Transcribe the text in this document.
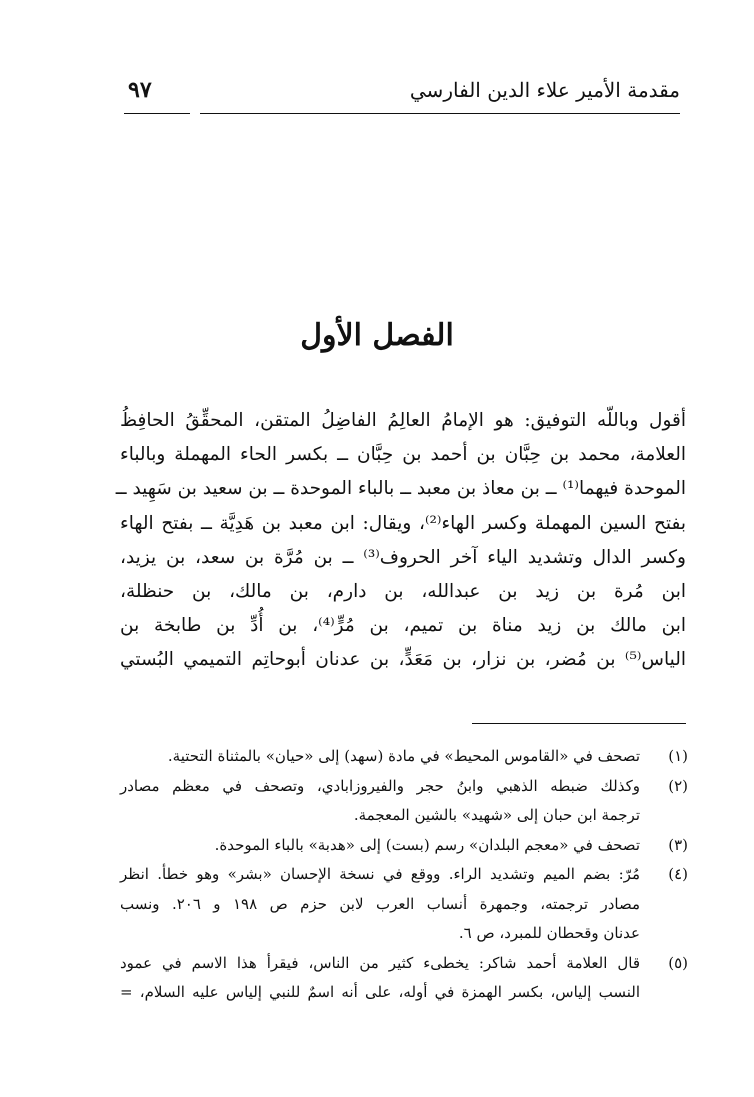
٩٧	مقدمة الأمير علاء الدين الفارسي
الفصل الأول
أقول وباللّه التوفيق: هو الإمامُ العالِمُ الفاضِلُ المتقن، المحقِّقُ الحافِظُ
العلامة، محمد بن حِبَّان بن أحمد بن حِبَّان ــ بكسر الحاء المهملة وبالباء
الموحدة فيهما⁽¹⁾ ــ بن معاذ بن معبد ــ بالباء الموحدة ــ بن سعيد بن سَهِيد ــ
بفتح السين المهملة وكسر الهاء⁽²⁾، ويقال: ابن معبد بن هَدِيَّة ــ بفتح الهاء
وكسر الدال وتشديد الياء آخر الحروف⁽³⁾ ــ بن مُرَّة بن سعد، بن يزيد،
ابن مُرة بن زيد بن عبدالله، بن دارم، بن مالك، بن حنظلة،
ابن مالك بن زيد مناة بن تميم، بن مُرٍّ⁽⁴⁾، بن أُدِّ بن طابخة بن
الياس⁽⁵⁾ بن مُضر، بن نزار، بن مَعَدٍّ، بن عدنان أبوحاتِم التميمي البُستي
(١)
تصحف في «القاموس المحيط» في مادة (سهد) إلى «حيان» بالمثناة التحتية.
(٢)
وكذلك ضبطه الذهبي وابنُ حجر والفيروزابادي، وتصحف في معظم مصادر
ترجمة ابن حبان إلى «شهيد» بالشين المعجمة.
(٣)
تصحف في «معجم البلدان» رسم (بست) إلى «هدبة» بالباء الموحدة.
(٤)
مُرّ: بضم الميم وتشديد الراء. ووقع في نسخة الإحسان «بشر» وهو خطأ. انظر
مصادر ترجمته، وجمهرة أنساب العرب لابن حزم ص ١٩٨ و ٢٠٦. ونسب
عدنان وقحطان للمبرد، ص ٦.
(٥)
قال العلامة أحمد شاكر: يخطىء كثير من الناس، فيقرأ هذا الاسم في عمود
النسب إلياس، بكسر الهمزة في أوله، على أنه اسمٌ للنبي إلياس عليه السلام، =
